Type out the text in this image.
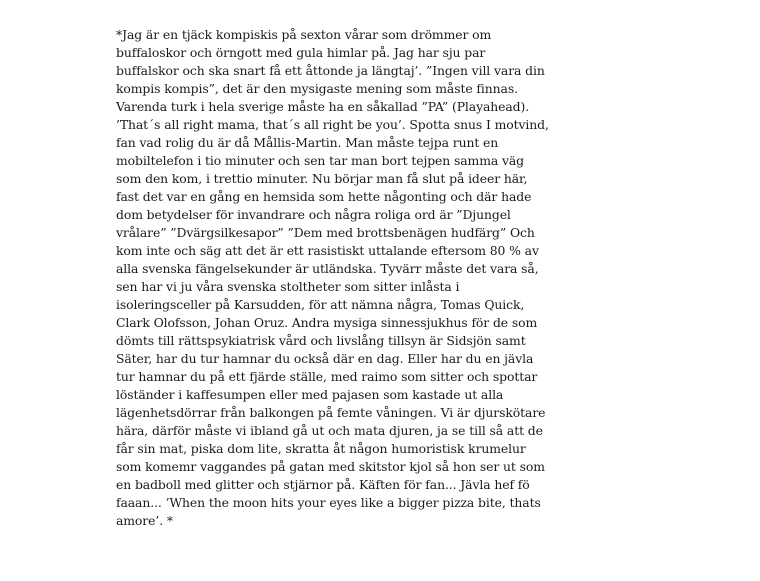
*Jag är en tjäck kompiskis på sexton vårar som drömmer om
buffaloskor och örngott med gula himlar på. Jag har sju par
buffalskor och ska snart få ett åttonde ja längtaj’. ”Ingen vill vara din
kompis kompis”, det är den mysigaste mening som måste finnas.
Varenda turk i hela sverige måste ha en såkallad ”PA” (Playahead).
’That´s all right mama, that´s all right be you’. Spotta snus I motvind,
fan vad rolig du är då Mållis-Martin. Man måste tejpa runt en
mobiltelefon i tio minuter och sen tar man bort tejpen samma väg
som den kom, i trettio minuter. Nu börjar man få slut på ideer här,
fast det var en gång en hemsida som hette någonting och där hade
dom betydelser för invandrare och några roliga ord är ”Djungel
vrålare” ”Dvärgsilkesapor” ”Dem med brottsbenägen hudfärg” Och
kom inte och säg att det är ett rasistiskt uttalande eftersom 80 % av
alla svenska fängelsekunder är utländska. Tyvärr måste det vara så,
sen har vi ju våra svenska stoltheter som sitter inlåsta i
isoleringsceller på Karsudden, för att nämna några, Tomas Quick,
Clark Olofsson, Johan Oruz. Andra mysiga sinnessjukhus för de som
dömts till rättspsykiatrisk vård och livslång tillsyn är Sidsjön samt
Säter, har du tur hamnar du också där en dag. Eller har du en jävla
tur hamnar du på ett fjärde ställe, med raimo som sitter och spottar
löständer i kaffesumpen eller med pajasen som kastade ut alla
lägenhetsdörrar från balkongen på femte våningen. Vi är djurskötare
hära, därför måste vi ibland gå ut och mata djuren, ja se till så att de
får sin mat, piska dom lite, skratta åt någon humoristisk krumelur
som komemr vaggandes på gatan med skitstor kjol så hon ser ut som
en badboll med glitter och stjärnor på. Käften för fan... Jävla hef fö
faaan... ’When the moon hits your eyes like a bigger pizza bite, thats
amore’. *
